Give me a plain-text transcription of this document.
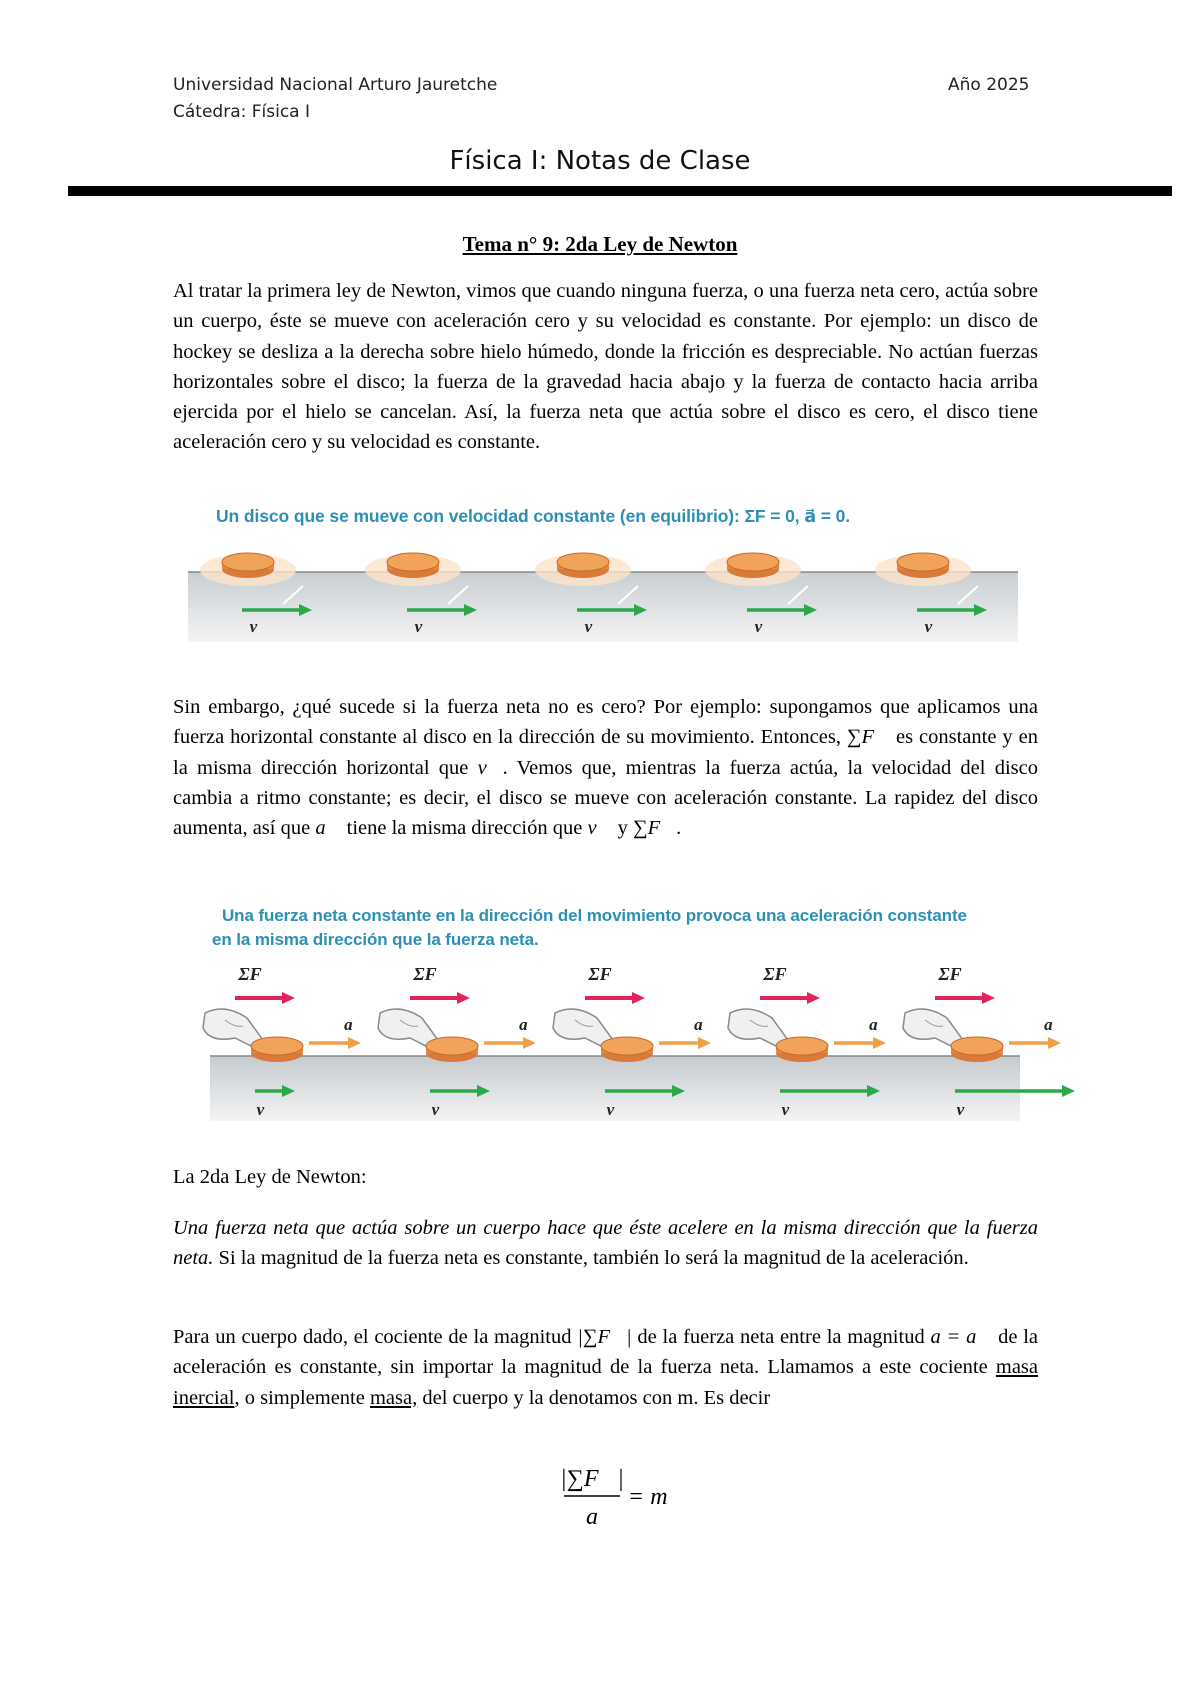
Universidad Nacional Arturo Jauretche
Cátedra: Física I
Año 2025
Física I: Notas de Clase
Tema n° 9: 2da Ley de Newton

Al tratar la primera ley de Newton, vimos que cuando ninguna fuerza, o una fuerza neta cero, actúa sobre un cuerpo, éste se mueve con aceleración cero y su velocidad es constante. Por ejemplo: un disco de hockey se desliza a la derecha sobre hielo húmedo, donde la fricción es despreciable. No actúan fuerzas horizontales sobre el disco; la fuerza de la gravedad hacia abajo y la fuerza de contacto hacia arriba ejercida por el hielo se cancelan. Así, la fuerza neta que actúa sobre el disco es cero, el disco tiene aceleración cero y su velocidad es constante.

Un disco que se mueve con velocidad constante (en equilibrio): ΣF = 0, a⃗ = 0.
v⃗	v⃗	v⃗	v⃗	v⃗

Sin embargo, ¿qué sucede si la fuerza neta no es cero? Por ejemplo: supongamos que aplicamos una fuerza horizontal constante al disco en la dirección de su movimiento. Entonces, ∑F⃗ es constante y en la misma dirección horizontal que v⃗. Vemos que, mientras la fuerza actúa, la velocidad del disco cambia a ritmo constante; es decir, el disco se mueve con aceleración constante. La rapidez del disco aumenta, así que a⃗ tiene la misma dirección que v⃗ y ∑F⃗.

Una fuerza neta constante en la dirección del movimiento provoca una aceleración constante
en la misma dirección que la fuerza neta.
ΣF⃗
a⃗
v⃗
ΣF⃗
a⃗
v⃗
ΣF⃗
a⃗
v⃗
ΣF⃗
a⃗
v⃗
ΣF⃗
a⃗
v⃗

La 2da Ley de Newton:

Una fuerza neta que actúa sobre un cuerpo hace que éste acelere en la misma dirección que la fuerza neta. Si la magnitud de la fuerza neta es constante, también lo será la magnitud de la aceleración.

Para un cuerpo dado, el cociente de la magnitud |∑F⃗| de la fuerza neta entre la magnitud a = a⃗ de la aceleración es constante, sin importar la magnitud de la fuerza neta. Llamamos a este cociente masa inercial, o simplemente masa, del cuerpo y la denotamos con m. Es decir

|∑F⃗|
a
= m
